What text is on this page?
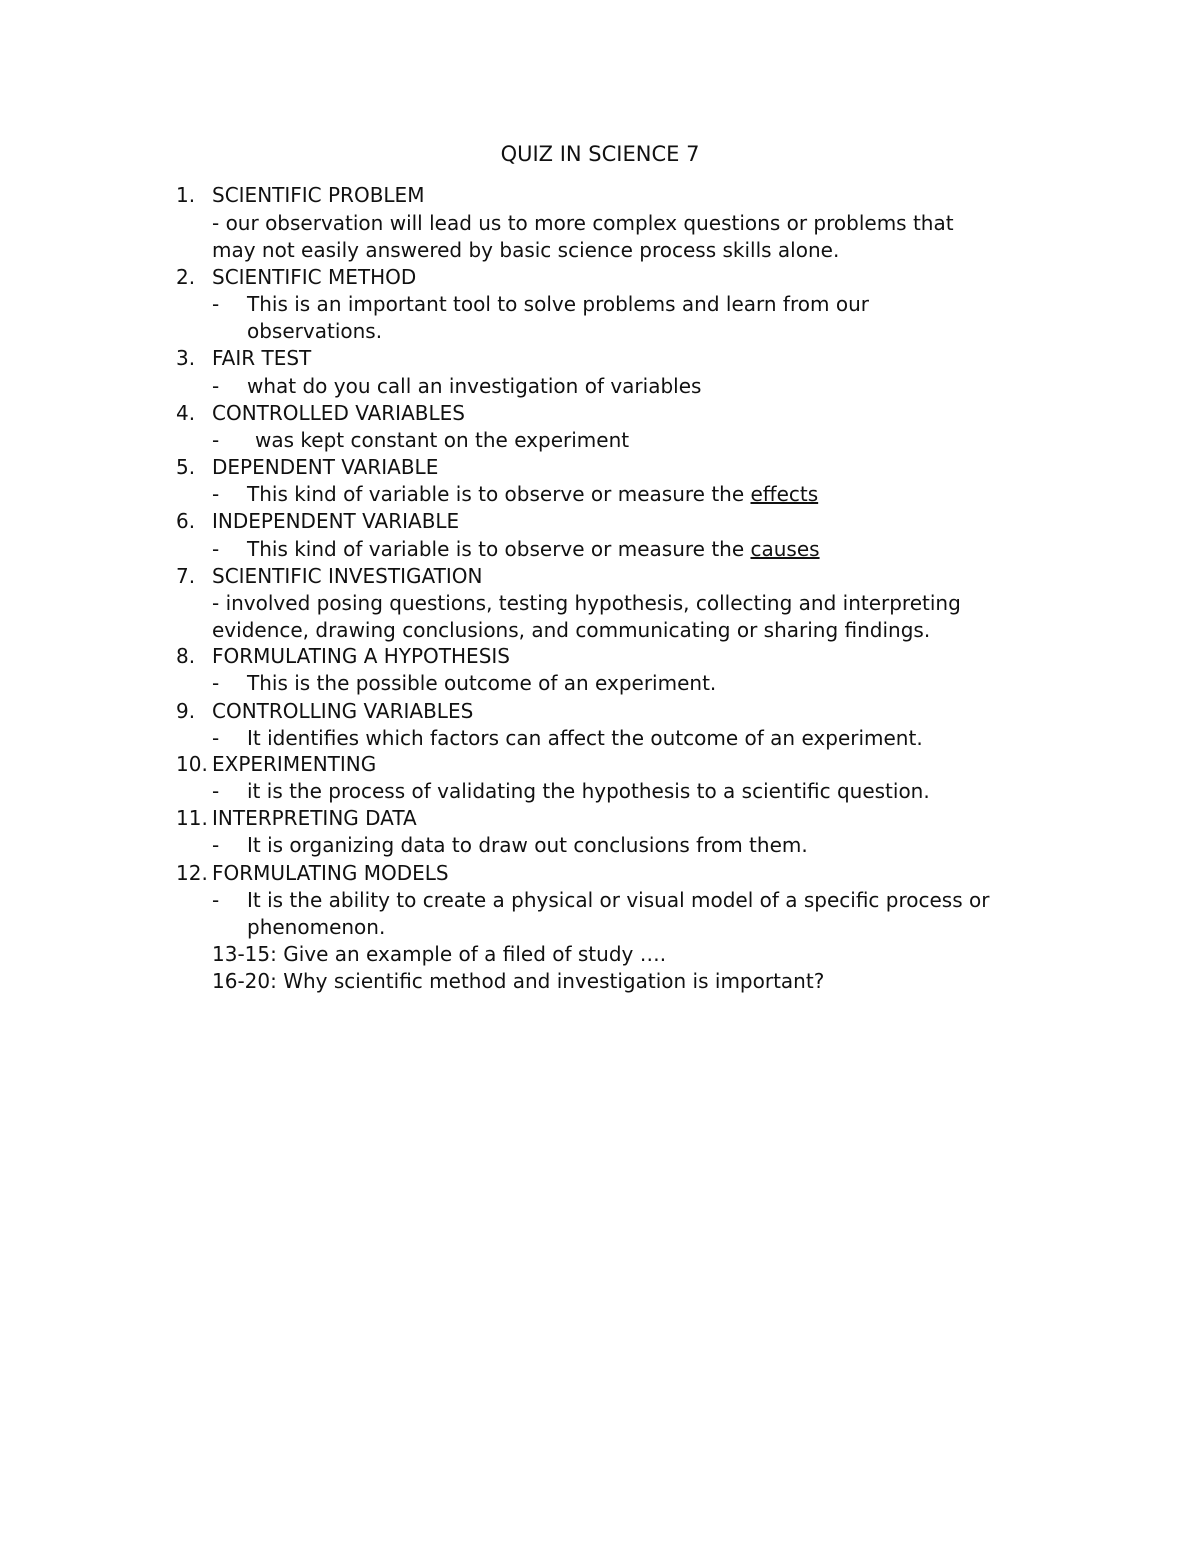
QUIZ IN SCIENCE 7
1. SCIENTIFIC PROBLEM
- our observation will lead us to more complex questions or problems that
may not easily answered by basic science process skills alone.
2. SCIENTIFIC METHOD
- This is an important tool to solve problems and learn from our
observations.
3. FAIR TEST
- what do you call an investigation of variables
4. CONTROLLED VARIABLES
- was kept constant on the experiment
5. DEPENDENT VARIABLE
- This kind of variable is to observe or measure the effects
6. INDEPENDENT VARIABLE
- This kind of variable is to observe or measure the causes
7. SCIENTIFIC INVESTIGATION
- involved posing questions, testing hypothesis, collecting and interpreting
evidence, drawing conclusions, and communicating or sharing findings.
8. FORMULATING A HYPOTHESIS
- This is the possible outcome of an experiment.
9. CONTROLLING VARIABLES
- It identifies which factors can affect the outcome of an experiment.
10. EXPERIMENTING
- it is the process of validating the hypothesis to a scientific question.
11. INTERPRETING DATA
- It is organizing data to draw out conclusions from them.
12. FORMULATING MODELS
- It is the ability to create a physical or visual model of a specific process or
phenomenon.
13-15: Give an example of a filed of study ….
16-20: Why scientific method and investigation is important?
